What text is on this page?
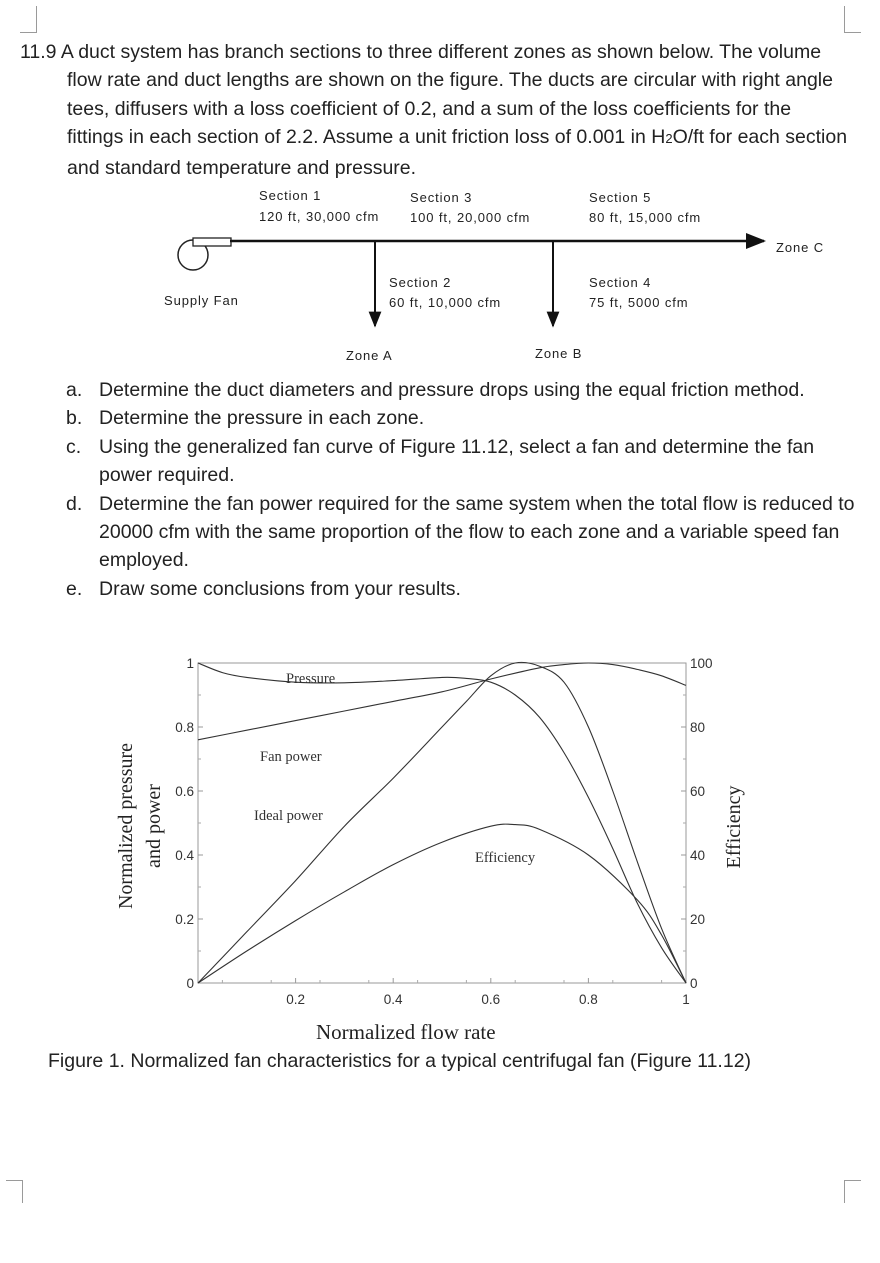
11.9 A duct system has branch sections to three different zones as shown below. The volume flow rate and duct lengths are shown on the figure. The ducts are circular with right angle tees, diffusers with a loss coefficient of 0.2, and a sum of the loss coefficients for the fittings in each section of 2.2. Assume a unit friction loss of 0.001 in H2O/ft for each section and standard temperature and pressure.

Section 1
120 ft, 30,000 cfm
Section 3
100 ft, 20,000 cfm
Section 5
80 ft, 15,000 cfm
Zone C
Section 2
60 ft, 10,000 cfm
Section 4
75 ft, 5000 cfm
Supply Fan
Zone A	Zone B

a. Determine the duct diameters and pressure drops using the equal friction method.

b. Determine the pressure in each zone.

c. Using the generalized fan curve of Figure 11.12, select a fan and determine the fan power required.

d. Determine the fan power required for the same system when the total flow is reduced to 20000 cfm with the same proportion of the flow to each zone and a variable speed fan employed.

e. Draw some conclusions from your results.

0.2	0.4	0.6	0.8	1
0
0.2
0.4
0.6
0.8
1
0
20
40
60
80
100
Pressure
Fan power
Ideal power
Efficiency
Normalized pressure and power	Efficiency
Normalized flow rate
Figure 1. Normalized fan characteristics for a typical centrifugal fan (Figure 11.12)
